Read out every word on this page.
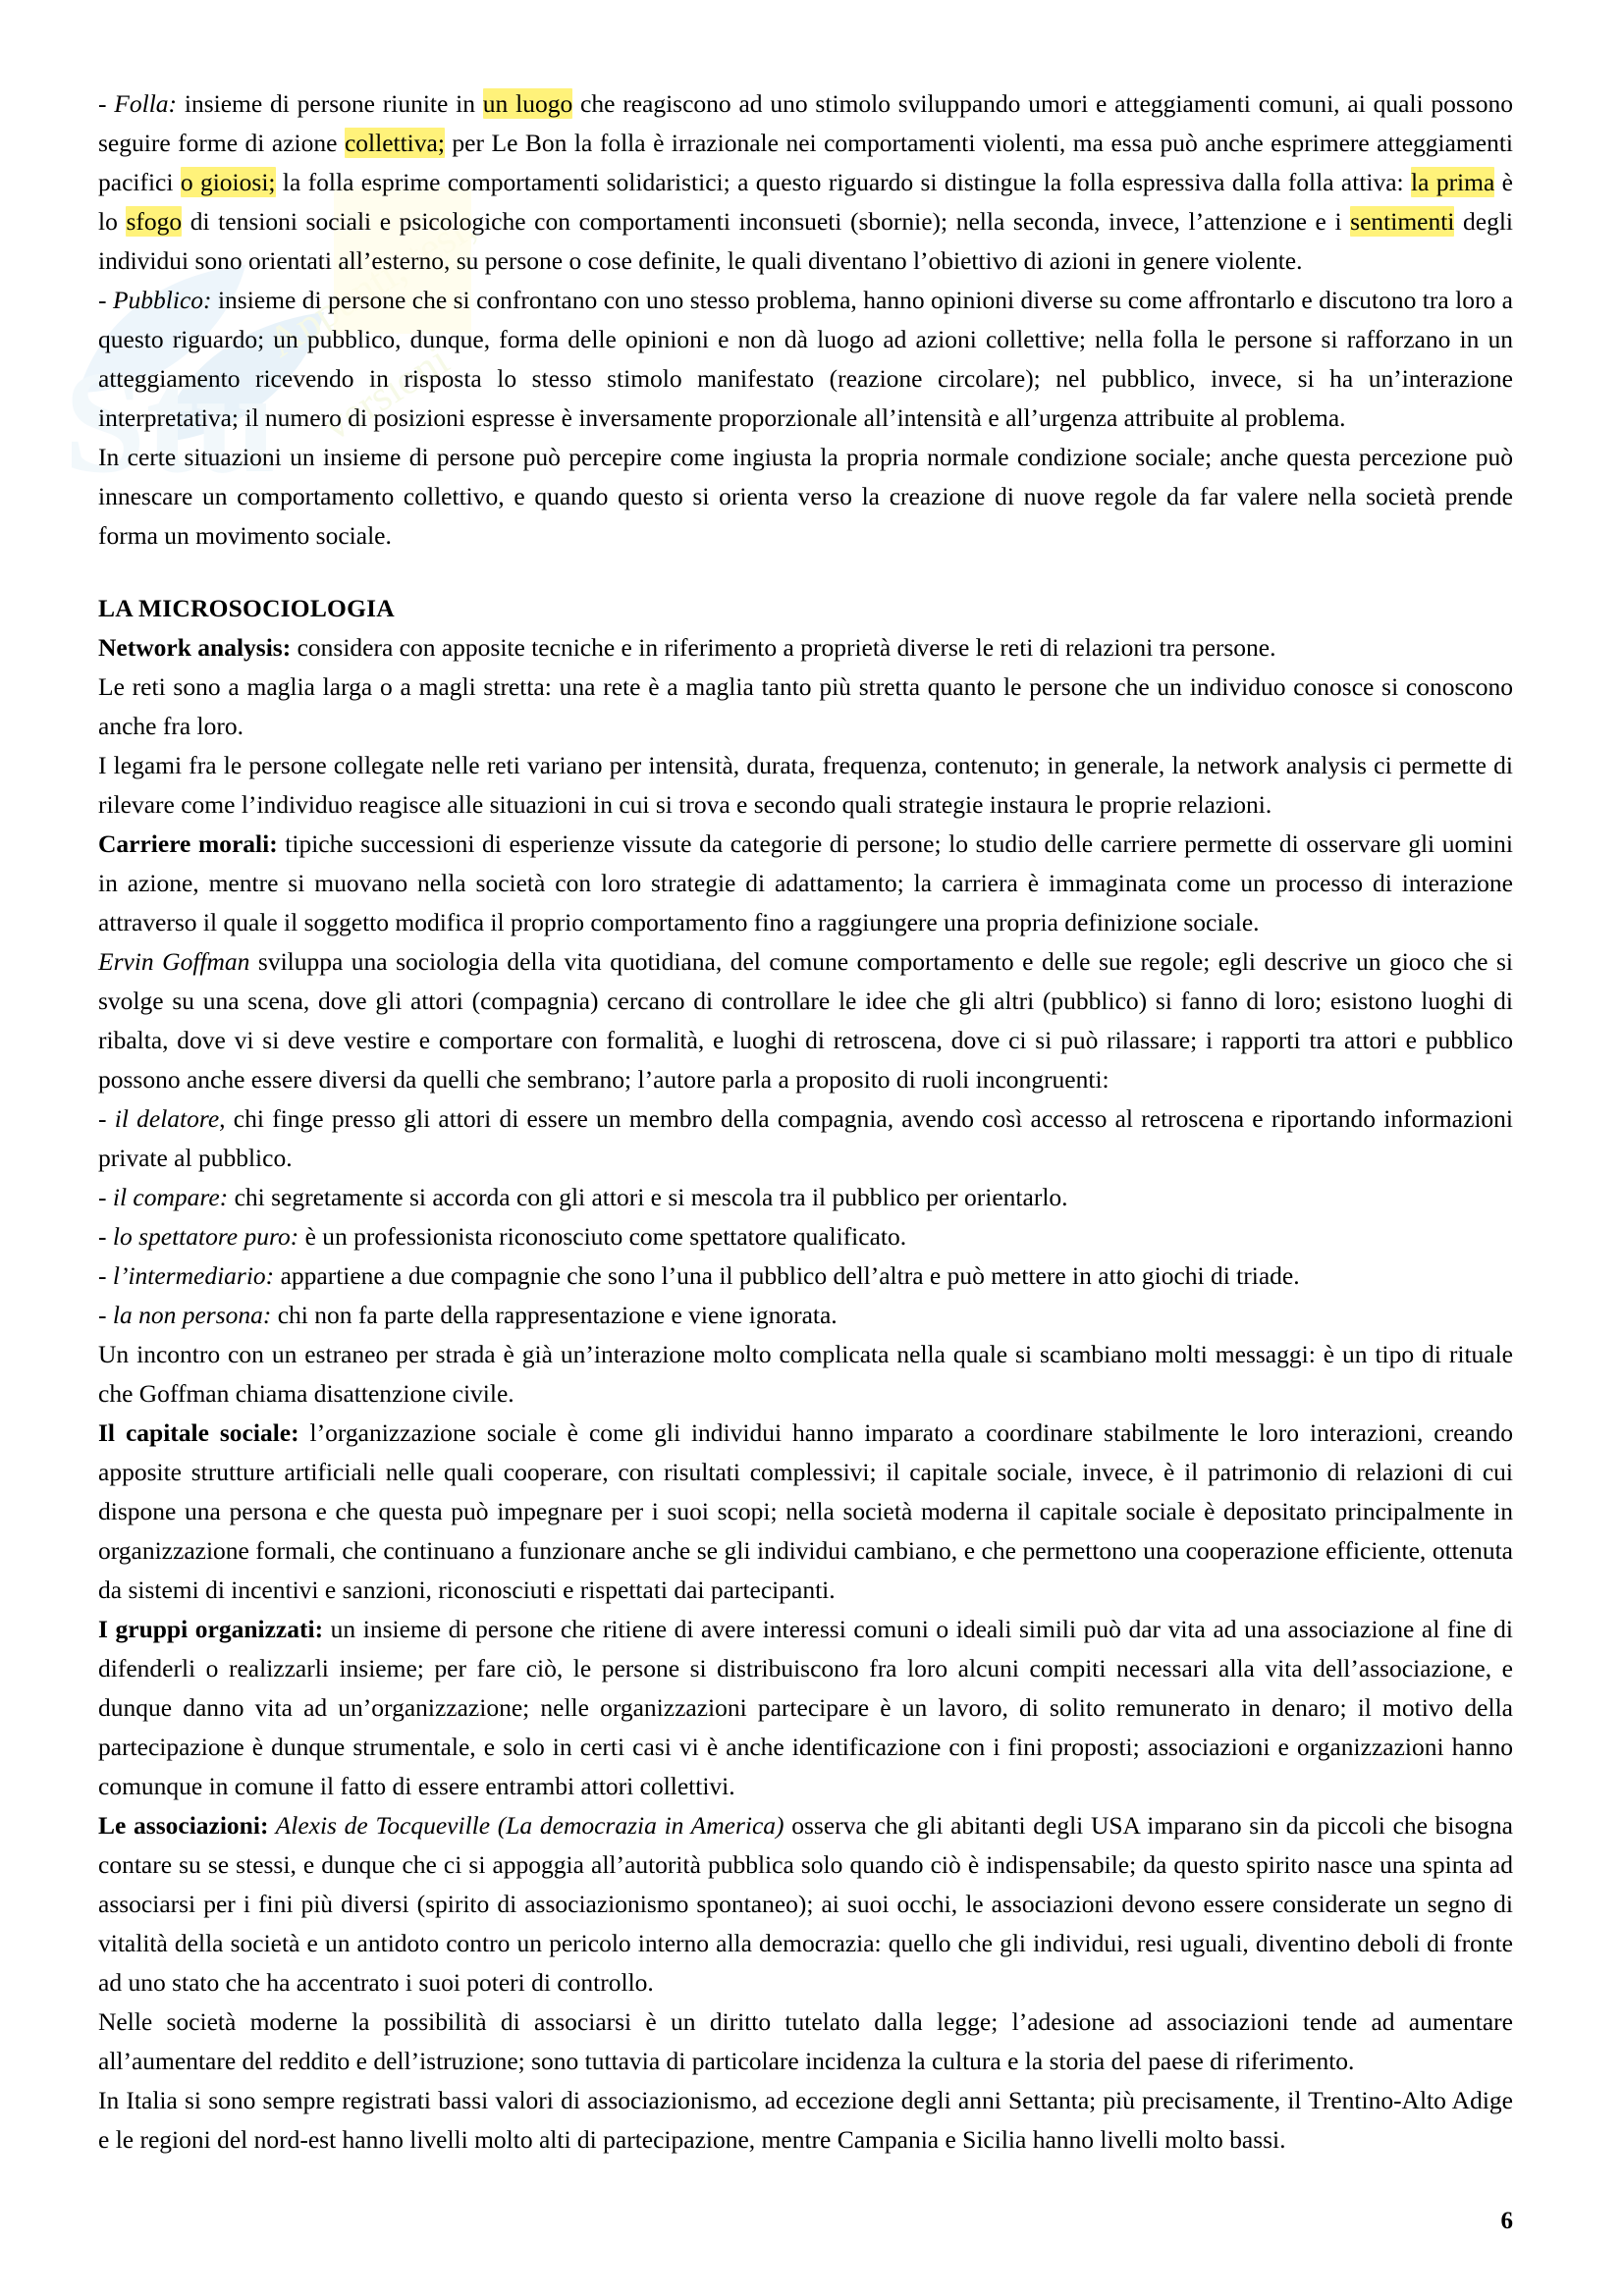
Stu
Appunti, tesi,
versioni

- Folla: insieme di persone riunite in un luogo che reagiscono ad uno stimolo sviluppando umori e atteggiamenti comuni, ai quali possono seguire forme di azione collettiva; per Le Bon la folla è irrazionale nei comportamenti violenti, ma essa può anche esprimere atteggiamenti pacifici o gioiosi; la folla esprime comportamenti solidaristici; a questo riguardo si distingue la folla espressiva dalla folla attiva: la prima è lo sfogo di tensioni sociali e psicologiche con comportamenti inconsueti (sbornie); nella seconda, invece, l’attenzione e i sentimenti degli individui sono orientati all’esterno, su persone o cose definite, le quali diventano l’obiettivo di azioni in genere violente.

- Pubblico: insieme di persone che si confrontano con uno stesso problema, hanno opinioni diverse su come affrontarlo e discutono tra loro a questo riguardo; un pubblico, dunque, forma delle opinioni e non dà luogo ad azioni collettive; nella folla le persone si rafforzano in un atteggiamento ricevendo in risposta lo stesso stimolo manifestato (reazione circolare); nel pubblico, invece, si ha un’interazione interpretativa; il numero di posizioni espresse è inversamente proporzionale all’intensità e all’urgenza attribuite al problema.

In certe situazioni un insieme di persone può percepire come ingiusta la propria normale condizione sociale; anche questa percezione può innescare un comportamento collettivo, e quando questo si orienta verso la creazione di nuove regole da far valere nella società prende forma un movimento sociale.

LA MICROSOCIOLOGIA

Network analysis: considera con apposite tecniche e in riferimento a proprietà diverse le reti di relazioni tra persone.

Le reti sono a maglia larga o a magli stretta: una rete è a maglia tanto più stretta quanto le persone che un individuo conosce si conoscono anche fra loro.

I legami fra le persone collegate nelle reti variano per intensità, durata, frequenza, contenuto; in generale, la network analysis ci permette di rilevare come l’individuo reagisce alle situazioni in cui si trova e secondo quali strategie instaura le proprie relazioni.

Carriere morali: tipiche successioni di esperienze vissute da categorie di persone; lo studio delle carriere permette di osservare gli uomini in azione, mentre si muovano nella società con loro strategie di adattamento; la carriera è immaginata come un processo di interazione attraverso il quale il soggetto modifica il proprio comportamento fino a raggiungere una propria definizione sociale.

Ervin Goffman sviluppa una sociologia della vita quotidiana, del comune comportamento e delle sue regole; egli descrive un gioco che si svolge su una scena, dove gli attori (compagnia) cercano di controllare le idee che gli altri (pubblico) si fanno di loro; esistono luoghi di ribalta, dove vi si deve vestire e comportare con formalità, e luoghi di retroscena, dove ci si può rilassare; i rapporti tra attori e pubblico possono anche essere diversi da quelli che sembrano; l’autore parla a proposito di ruoli incongruenti:

- il delatore, chi finge presso gli attori di essere un membro della compagnia, avendo così accesso al retroscena e riportando informazioni private al pubblico.

- il compare: chi segretamente si accorda con gli attori e si mescola tra il pubblico per orientarlo.

- lo spettatore puro: è un professionista riconosciuto come spettatore qualificato.

- l’intermediario: appartiene a due compagnie che sono l’una il pubblico dell’altra e può mettere in atto giochi di triade.

- la non persona: chi non fa parte della rappresentazione e viene ignorata.

Un incontro con un estraneo per strada è già un’interazione molto complicata nella quale si scambiano molti messaggi: è un tipo di rituale che Goffman chiama disattenzione civile.

Il capitale sociale: l’organizzazione sociale è come gli individui hanno imparato a coordinare stabilmente le loro interazioni, creando apposite strutture artificiali nelle quali cooperare, con risultati complessivi; il capitale sociale, invece, è il patrimonio di relazioni di cui dispone una persona e che questa può impegnare per i suoi scopi; nella società moderna il capitale sociale è depositato principalmente in organizzazione formali, che continuano a funzionare anche se gli individui cambiano, e che permettono una cooperazione efficiente, ottenuta da sistemi di incentivi e sanzioni, riconosciuti e rispettati dai partecipanti.

I gruppi organizzati: un insieme di persone che ritiene di avere interessi comuni o ideali simili può dar vita ad una associazione al fine di difenderli o realizzarli insieme; per fare ciò, le persone si distribuiscono fra loro alcuni compiti necessari alla vita dell’associazione, e dunque danno vita ad un’organizzazione; nelle organizzazioni partecipare è un lavoro, di solito remunerato in denaro; il motivo della partecipazione è dunque strumentale, e solo in certi casi vi è anche identificazione con i fini proposti; associazioni e organizzazioni hanno comunque in comune il fatto di essere entrambi attori collettivi.

Le associazioni: Alexis de Tocqueville (La democrazia in America) osserva che gli abitanti degli USA imparano sin da piccoli che bisogna contare su se stessi, e dunque che ci si appoggia all’autorità pubblica solo quando ciò è indispensabile; da questo spirito nasce una spinta ad associarsi per i fini più diversi (spirito di associazionismo spontaneo); ai suoi occhi, le associazioni devono essere considerate un segno di vitalità della società e un antidoto contro un pericolo interno alla democrazia: quello che gli individui, resi uguali, diventino deboli di fronte ad uno stato che ha accentrato i suoi poteri di controllo.

Nelle società moderne la possibilità di associarsi è un diritto tutelato dalla legge; l’adesione ad associazioni tende ad aumentare all’aumentare del reddito e dell’istruzione; sono tuttavia di particolare incidenza la cultura e la storia del paese di riferimento.

In Italia si sono sempre registrati bassi valori di associazionismo, ad eccezione degli anni Settanta; più precisamente, il Trentino-Alto Adige e le regioni del nord-est hanno livelli molto alti di partecipazione, mentre Campania e Sicilia hanno livelli molto bassi.

6
